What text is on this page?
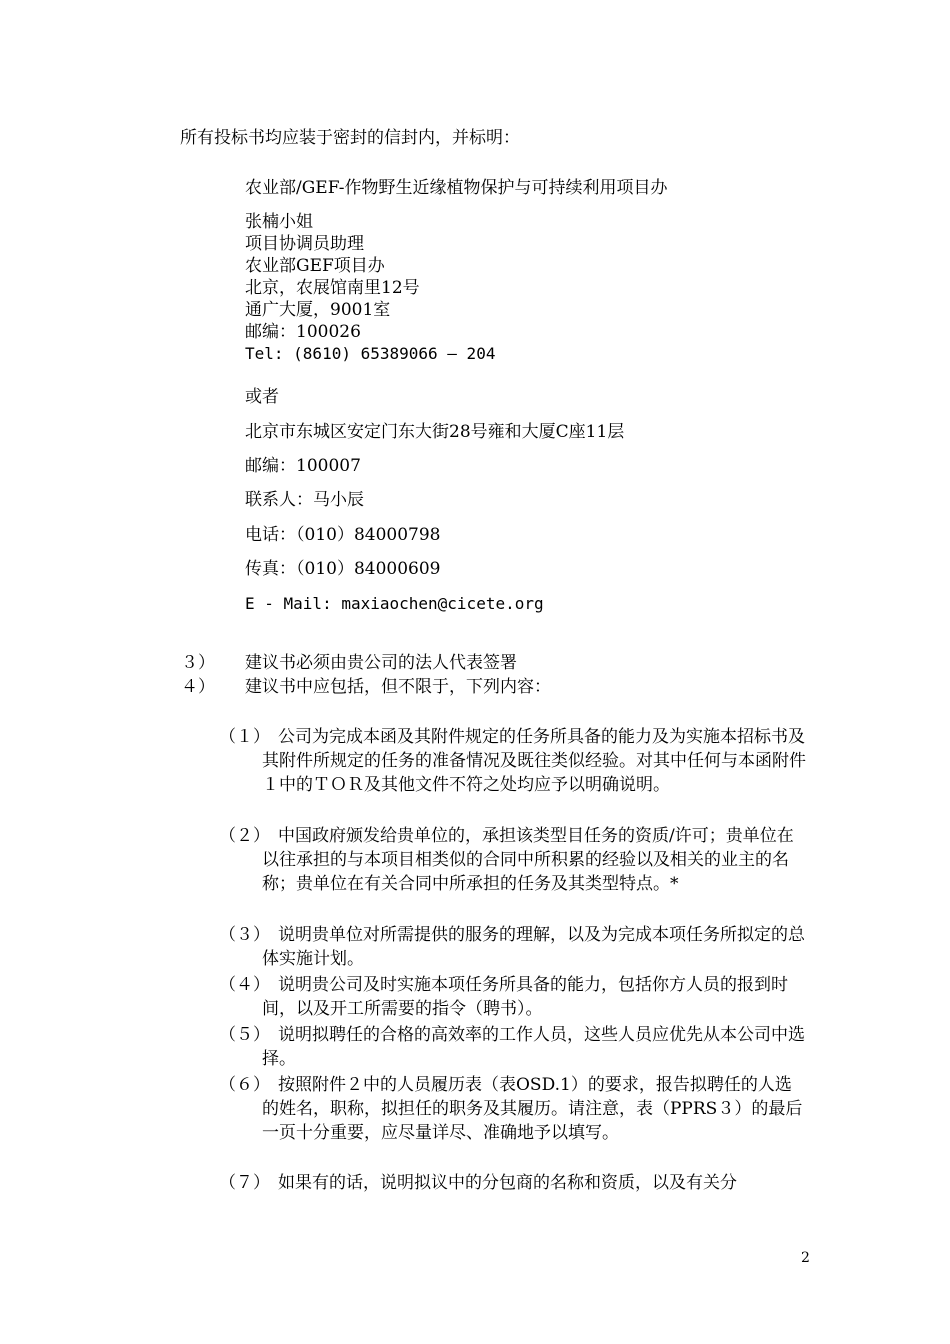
所有投标书均应装于密封的信封内，并标明：
农业部/GEF-作物野生近缘植物保护与可持续利用项目办
张楠小姐
项目协调员助理
农业部GEF项目办
北京，农展馆南里12号
通广大厦，9001室
邮编：100026
Tel: (8610) 65389066 – 204
或者
北京市东城区安定门东大街28号雍和大厦C座11层
邮编：100007
联系人：马小辰
电话：（010）84000798
传真：（010）84000609
E - Mail: maxiaochen@cicete.org
３） 建议书必须由贵公司的法人代表签署
４） 建议书中应包括，但不限于，下列内容：
（１） 公司为完成本函及其附件规定的任务所具备的能力及为实施本招标书及其附件所规定的任务的准备情况及既往类似经验。对其中任何与本函附件１中的ＴＯＲ及其他文件不符之处均应予以明确说明。
（２） 中国政府颁发给贵单位的，承担该类型目任务的资质/许可；贵单位在以往承担的与本项目相类似的合同中所积累的经验以及相关的业主的名称；贵单位在有关合同中所承担的任务及其类型特点。*
（３） 说明贵单位对所需提供的服务的理解，以及为完成本项任务所拟定的总体实施计划。
（４） 说明贵公司及时实施本项任务所具备的能力，包括你方人员的报到时间，以及开工所需要的指令（聘书）。
（５） 说明拟聘任的合格的高效率的工作人员，这些人员应优先从本公司中选择。
（６） 按照附件２中的人员履历表（表OSD.1）的要求，报告拟聘任的人选的姓名，职称，拟担任的职务及其履历。请注意，表（PPRS３）的最后一页十分重要，应尽量详尽、准确地予以填写。
（７） 如果有的话，说明拟议中的分包商的名称和资质，以及有关分
2
